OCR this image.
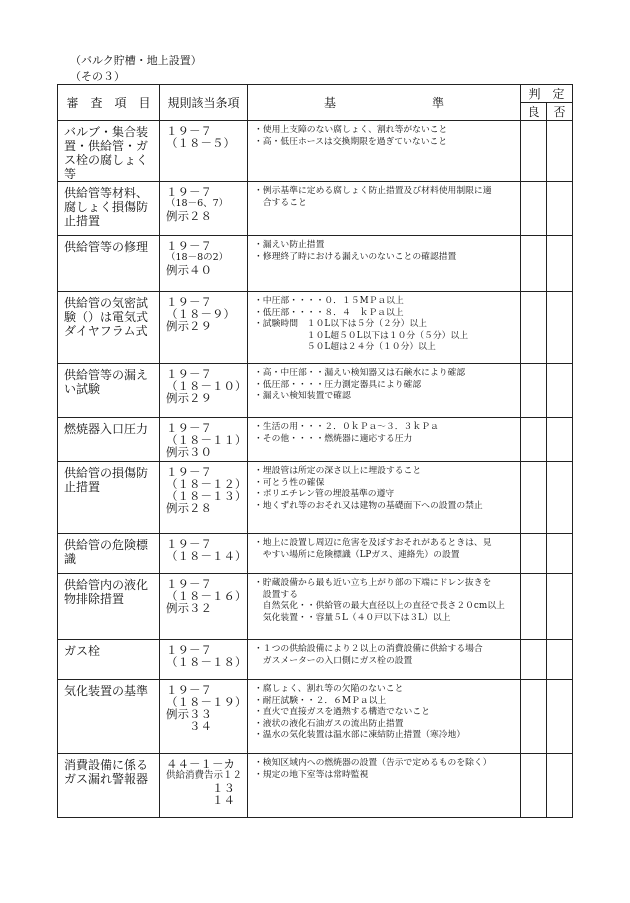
（バルク貯槽・地上設置）
（その３）
審　査　項　目	規則該当条項	基　　　　　　　　準	判　定	
			良	否
バルブ・集合装置・供給管・ガス栓の腐しょく等	１９－７
（１８－５）	・使用上支障のない腐しょく、割れ等がないこと
・高・低圧ホースは交換期限を過ぎていないこと		

供給管等材料、腐しょく損傷防止措置	１９－７
（18－6、7）
例示２８	・例示基準に定める腐しょく防止措置及び材料使用制限に適
　合すること		

供給管等の修理	１９－７
（18－8の2）
例示４０	・漏えい防止措置
・修理終了時における漏えいのないことの確認措置		

供給管の気密試験（）は電気式ダイヤフラム式	１９－７
（１８－９）
例示２９	・中圧部・・・・０．１５MＰａ以上
・低圧部・・・・８．４　ｋＰａ以上
・試験時間　１０L以下は５分（２分）以上
　　　　　　１０L超５０L以下は１０分（５分）以上
　　　　　　５０L超は２４分（１０分）以上		

供給管等の漏えい試験	１９－７
（１８－１０）
例示２９	・高・中圧部・・漏えい検知器又は石鹸水により確認
・低圧部・・・・圧力測定器具により確認
・漏えい検知装置で確認		

燃焼器入口圧力	１９－７
（１８－１１）
例示３０	・生活の用・・・２．０ｋＰａ～３．３ｋＰａ
・その他・・・・燃焼器に適応する圧力		

供給管の損傷防止措置	１９－７
（１８－１２）
（１８－１３）
例示２８	・埋設管は所定の深さ以上に埋設すること
・可とう性の確保
・ポリエチレン管の埋設基準の遵守
・地くずれ等のおそれ又は建物の基礎面下への設置の禁止		

供給管の危険標識	１９－７
（１８－１４）	・地上に設置し周辺に危害を及ぼすおそれがあるときは、見
　やすい場所に危険標識（LPガス、連絡先）の設置		

供給管内の液化物排除措置	１９－７
（１８－１６）
例示３２	・貯蔵設備から最も近い立ち上がり部の下端にドレン抜きを
　設置する
　自然気化・・供給管の最大直径以上の直径で長さ２０cm以上
　気化装置・・容量５L（４０戸以下は３L）以上		

ガス栓	１９－７
（１８－１８）	・１つの供給設備により２以上の消費設備に供給する場合
　ガスメーターの入口側にガス栓の設置		

気化装置の基準	１９－７
（１８－１９）
例示３３
　　３４	・腐しょく、割れ等の欠陥のないこと
・耐圧試験・・２．６MＰａ以上
・直火で直接ガスを過熱する構造でないこと
・液状の液化石油ガスの流出防止措置
・温水の気化装置は温水部に凍結防止措置（寒冷地）		

消費設備に係るガス漏れ警報器	４４－１－カ
供給消費告示１２
　　　　１３
　　　　１４	・検知区域内への燃焼器の設置（告示で定めるものを除く）
・規定の地下室等は常時監視		
